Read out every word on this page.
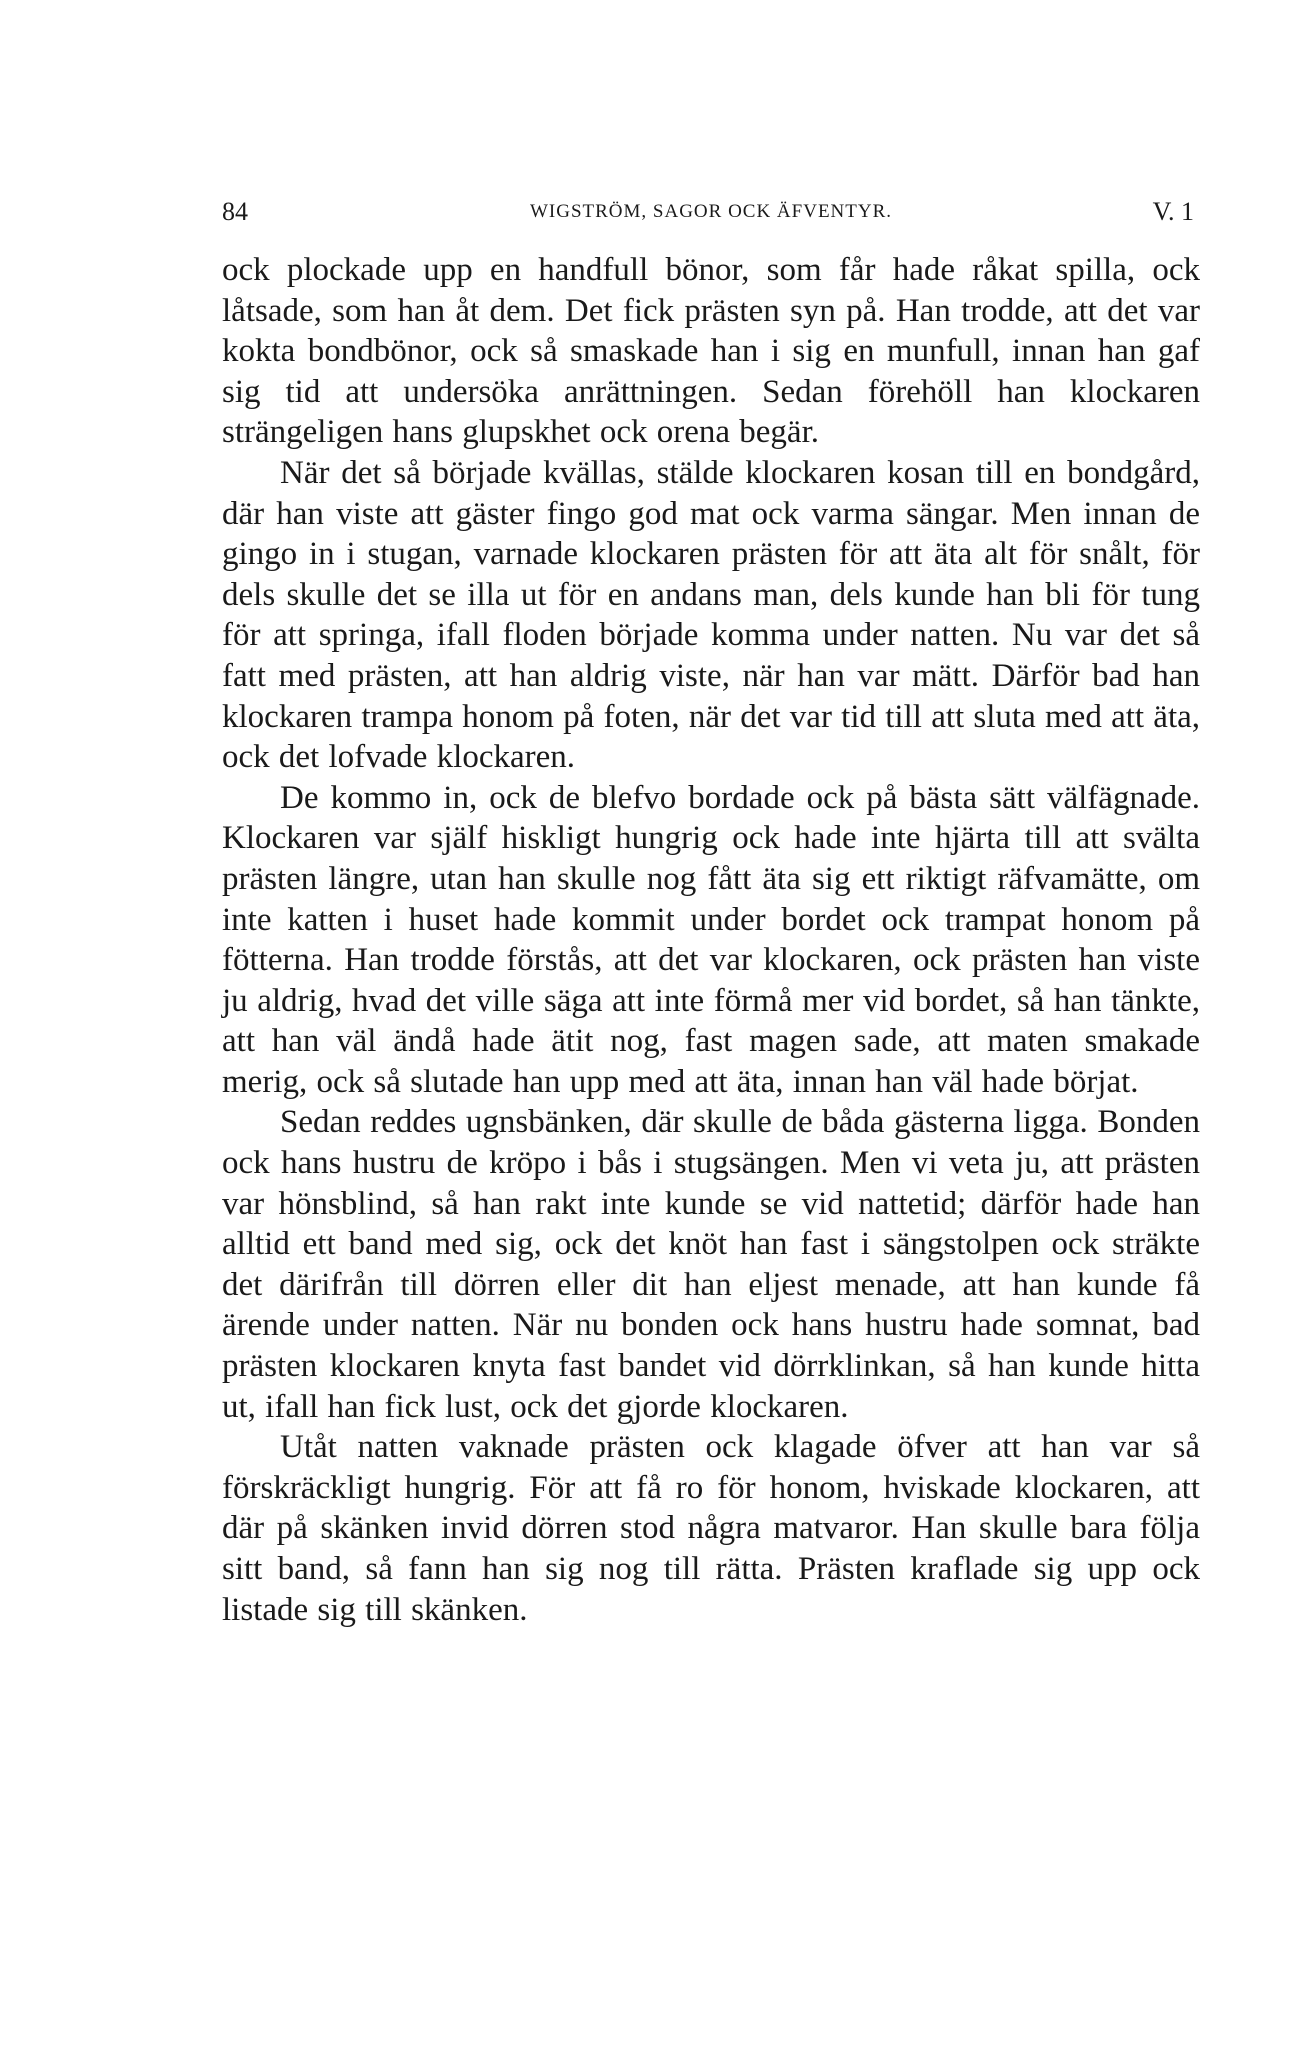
84	WIGSTRÖM, SAGOR OCK ÄFVENTYR.	V. 1

ock plockade upp en handfull bönor, som får hade råkat spilla, ock låtsade, som han åt dem. Det fick prästen syn på. Han trodde, att det var kokta bondbönor, ock så smaskade han i sig en munfull, innan han gaf sig tid att undersöka anrättningen. Sedan förehöll han klockaren strängeligen hans glupskhet ock orena begär.

När det så började kvällas, stälde klockaren kosan till en bondgård, där han viste att gäster fingo god mat ock varma sängar. Men innan de gingo in i stugan, varnade klockaren prästen för att äta alt för snålt, för dels skulle det se illa ut för en andans man, dels kunde han bli för tung för att springa, ifall floden började komma under natten. Nu var det så fatt med prästen, att han aldrig viste, när han var mätt. Därför bad han klockaren trampa honom på foten, när det var tid till att sluta med att äta, ock det lofvade klockaren.

De kommo in, ock de blefvo bordade ock på bästa sätt välfägnade. Klockaren var själf hiskligt hungrig ock hade inte hjärta till att svälta prästen längre, utan han skulle nog fått äta sig ett riktigt räfvamätte, om inte katten i huset hade kommit under bordet ock trampat honom på fötterna. Han trodde förstås, att det var klockaren, ock prästen han viste ju aldrig, hvad det ville säga att inte förmå mer vid bordet, så han tänkte, att han väl ändå hade ätit nog, fast magen sade, att maten smakade merig, ock så slutade han upp med att äta, innan han väl hade börjat.

Sedan reddes ugnsbänken, där skulle de båda gästerna ligga. Bonden ock hans hustru de kröpo i bås i stugsängen. Men vi veta ju, att prästen var hönsblind, så han rakt inte kunde se vid nattetid; därför hade han alltid ett band med sig, ock det knöt han fast i sängstolpen ock sträkte det därifrån till dörren eller dit han eljest menade, att han kunde få ärende under natten. När nu bonden ock hans hustru hade somnat, bad prästen klockaren knyta fast bandet vid dörrklinkan, så han kunde hitta ut, ifall han fick lust, ock det gjorde klockaren.

Utåt natten vaknade prästen ock klagade öfver att han var så förskräckligt hungrig. För att få ro för honom, hviskade klockaren, att där på skänken invid dörren stod några matvaror. Han skulle bara följa sitt band, så fann han sig nog till rätta. Prästen kraflade sig upp ock listade sig till skänken.
